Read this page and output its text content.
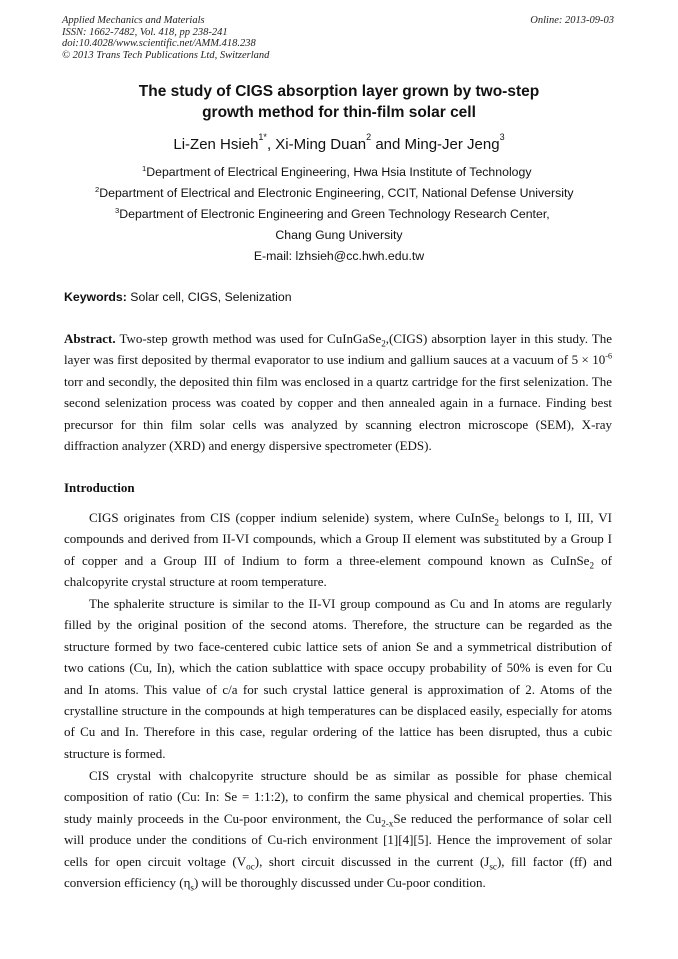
Applied Mechanics and Materials
ISSN: 1662-7482, Vol. 418, pp 238-241
doi:10.4028/www.scientific.net/AMM.418.238
© 2013 Trans Tech Publications Ltd, Switzerland
Online: 2013-09-03
The study of CIGS absorption layer grown by two-step
growth method for thin-film solar cell
Li-Zen Hsieh$^{1*}$, Xi-Ming Duan$^2$ and Ming-Jer Jeng$^3$
$^1$Department of Electrical Engineering, Hwa Hsia Institute of Technology
$^2$Department of Electrical and Electronic Engineering, CCIT, National Defense University
$^3$Department of Electronic Engineering and Green Technology Research Center,
Chang Gung University
E-mail: lzhsieh@cc.hwh.edu.tw
Keywords: Solar cell, CIGS, Selenization
Abstract. Two-step growth method was used for CuInGaSe$_2$,(CIGS) absorption layer in this study. The layer was first deposited by thermal evaporator to use indium and gallium sauces at a vacuum of $5 \times 10^{-6}$ torr and secondly, the deposited thin film was enclosed in a quartz cartridge for the first selenization. The second selenization process was coated by copper and then annealed again in a furnace. Finding best precursor for thin film solar cells was analyzed by scanning electron microscope (SEM), X-ray diffraction analyzer (XRD) and energy dispersive spectrometer (EDS).
Introduction
CIGS originates from CIS (copper indium selenide) system, where CuInSe$_2$ belongs to I, III, VI compounds and derived from II-VI compounds, which a Group II element was substituted by a Group I of copper and a Group III of Indium to form a three-element compound known as CuInSe$_2$ of chalcopyrite crystal structure at room temperature.
The sphalerite structure is similar to the II-VI group compound as Cu and In atoms are regularly filled by the original position of the second atoms. Therefore, the structure can be regarded as the structure formed by two face-centered cubic lattice sets of anion Se and a symmetrical distribution of two cations (Cu, In), which the cation sublattice with space occupy probability of 50% is even for Cu and In atoms. This value of c/a for such crystal lattice general is approximation of 2. Atoms of the crystalline structure in the compounds at high temperatures can be displaced easily, especially for atoms of Cu and In. Therefore in this case, regular ordering of the lattice has been disrupted, thus a cubic structure is formed.
CIS crystal with chalcopyrite structure should be as similar as possible for phase chemical composition of ratio (Cu: In: Se = 1:1:2), to confirm the same physical and chemical properties. This study mainly proceeds in the Cu-poor environment, the $Cu_{2-x}Se$ reduced the performance of solar cell will produce under the conditions of Cu-rich environment [1][4][5]. Hence the improvement of solar cells for open circuit voltage $(V_{oc})$, short circuit discussed in the current $(J_{sc})$, fill factor (ff) and conversion efficiency $(\eta_s)$ will be thoroughly discussed under Cu-poor condition.
